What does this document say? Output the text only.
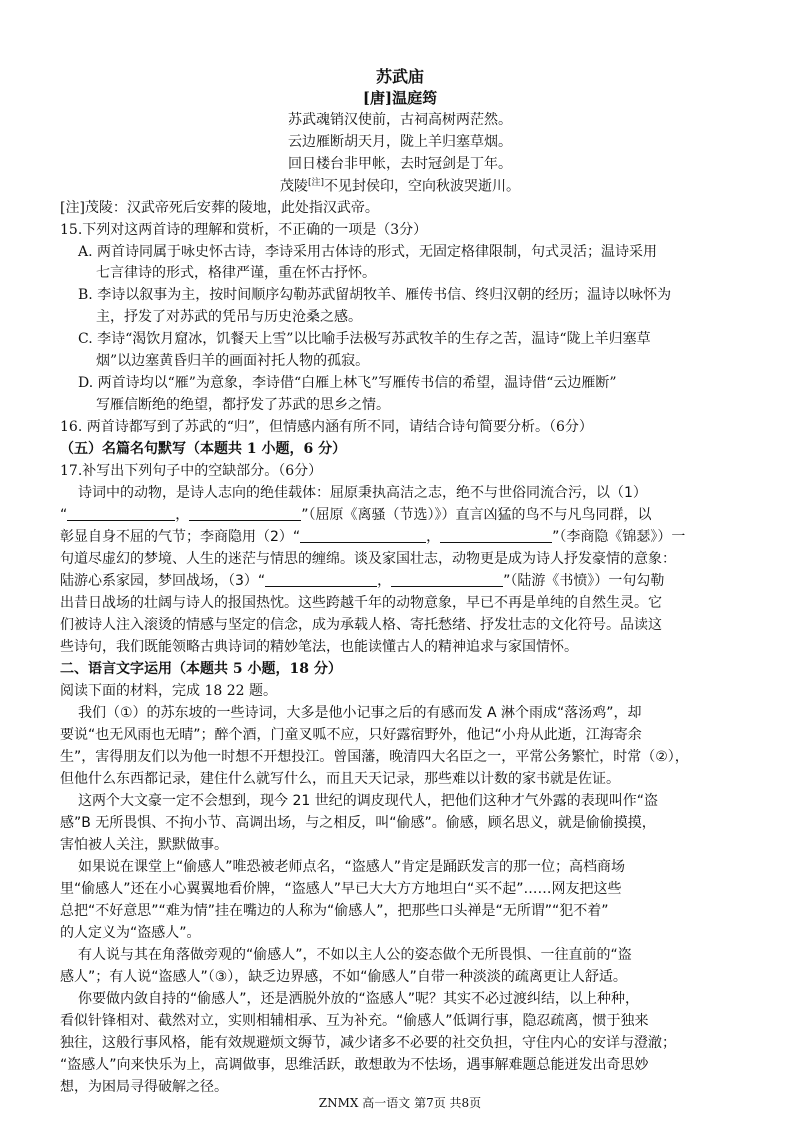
苏武庙
[唐]温庭筠
苏武魂销汉使前，古祠高树两茫然。
云边雁断胡天月，陇上羊归塞草烟。
回日楼台非甲帐，去时冠剑是丁年。
茂陵[注]不见封侯印，空向秋波哭逝川。
[注]茂陵：汉武帝死后安葬的陵地，此处指汉武帝。
15.下列对这两首诗的理解和赏析，不正确的一项是（3分）
A. 两首诗同属于咏史怀古诗，李诗采用古体诗的形式，无固定格律限制，句式灵活；温诗采用
七言律诗的形式，格律严谨，重在怀古抒怀。
B. 李诗以叙事为主，按时间顺序勾勒苏武留胡牧羊、雁传书信、终归汉朝的经历；温诗以咏怀为
主，抒发了对苏武的凭吊与历史沧桑之感。
C. 李诗“渴饮月窟冰，饥餐天上雪”以比喻手法极写苏武牧羊的生存之苦，温诗“陇上羊归塞草
烟”以边塞黄昏归羊的画面衬托人物的孤寂。
D. 两首诗均以“雁”为意象，李诗借“白雁上林飞”写雁传书信的希望，温诗借“云边雁断”
写雁信断绝的绝望，都抒发了苏武的思乡之情。
16. 两首诗都写到了苏武的“归”，但情感内涵有所不同，请结合诗句简要分析。（6分）
（五）名篇名句默写（本题共 1 小题，6 分）
17.补写出下列句子中的空缺部分。（6分）
诗词中的动物，是诗人志向的绝佳载体：屈原秉执高洁之志，绝不与世俗同流合污，以（1）
“	，	”（屈原《离骚（节选）》）直言凶猛的鸟不与凡鸟同群，以
彰显自身不屈的气节；李商隐用（2）“	，	”（李商隐《锦瑟》）一
句道尽虚幻的梦境、人生的迷茫与情思的缠绵。谈及家国壮志，动物更是成为诗人抒发豪情的意象：
陆游心系家园，梦回战场，（3）“	，	”（陆游《书愤》）一句勾勒
出昔日战场的壮阔与诗人的报国热忱。这些跨越千年的动物意象，早已不再是单纯的自然生灵。它
们被诗人注入滚烫的情感与坚定的信念，成为承载人格、寄托愁绪、抒发壮志的文化符号。品读这
些诗句，我们既能领略古典诗词的精妙笔法，也能读懂古人的精神追求与家国情怀。
二、语言文字运用（本题共 5 小题，18 分）
阅读下面的材料，完成 18 22 题。
我们（①）的苏东坡的一些诗词，大多是他小记事之后的有感而发 A 淋个雨成“落汤鸡”，却
要说“也无风雨也无晴”；醉个酒，门童叉呱不应，只好露宿野外，他记“小舟从此逝，江海寄余
生”，害得朋友们以为他一时想不开想投江。曾国藩，晚清四大名臣之一，平常公务繁忙，时常（②），
但他什么东西都记录，建住什么就写什么，而且天天记录，那些难以计数的家书就是佐证。
这两个大文豪一定不会想到，现今 21 世纪的调皮现代人，把他们这种才气外露的表现叫作“盗
感”B 无所畏惧、不拘小节、高调出场，与之相反，叫“偷感”。偷感，顾名思义，就是偷偷摸摸，
害怕被人关注，默默做事。
如果说在课堂上“偷感人”唯恐被老师点名，“盗感人”肯定是踊跃发言的那一位；高档商场
里“偷感人”还在小心翼翼地看价牌，“盗感人”早已大大方方地坦白“买不起”……网友把这些
总把“不好意思”“难为情”挂在嘴边的人称为“偷感人”，把那些口头禅是“无所谓”“犯不着”
的人定义为“盗感人”。
有人说与其在角落做旁观的“偷感人”，不如以主人公的姿态做个无所畏惧、一往直前的“盗
感人”；有人说“盗感人”（③），缺乏边界感，不如“偷感人”自带一种淡淡的疏离更让人舒适。
你要做内敛自持的“偷感人”，还是洒脱外放的“盗感人”呢？其实不必过渡纠结，以上种种，
看似针锋相对、截然对立，实则相辅相承、互为补充。“偷感人”低调行事，隐忍疏离，惯于独来
独往，这般行事风格，能有效规避烦文缛节，减少诸多不必要的社交负担，守住内心的安详与澄澈；
“盗感人”向来快乐为上，高调做事，思维活跃，敢想敢为不怯场，遇事解难题总能迸发出奇思妙
想，为困局寻得破解之径。
ZNMX 高一语文 第7页 共8页
